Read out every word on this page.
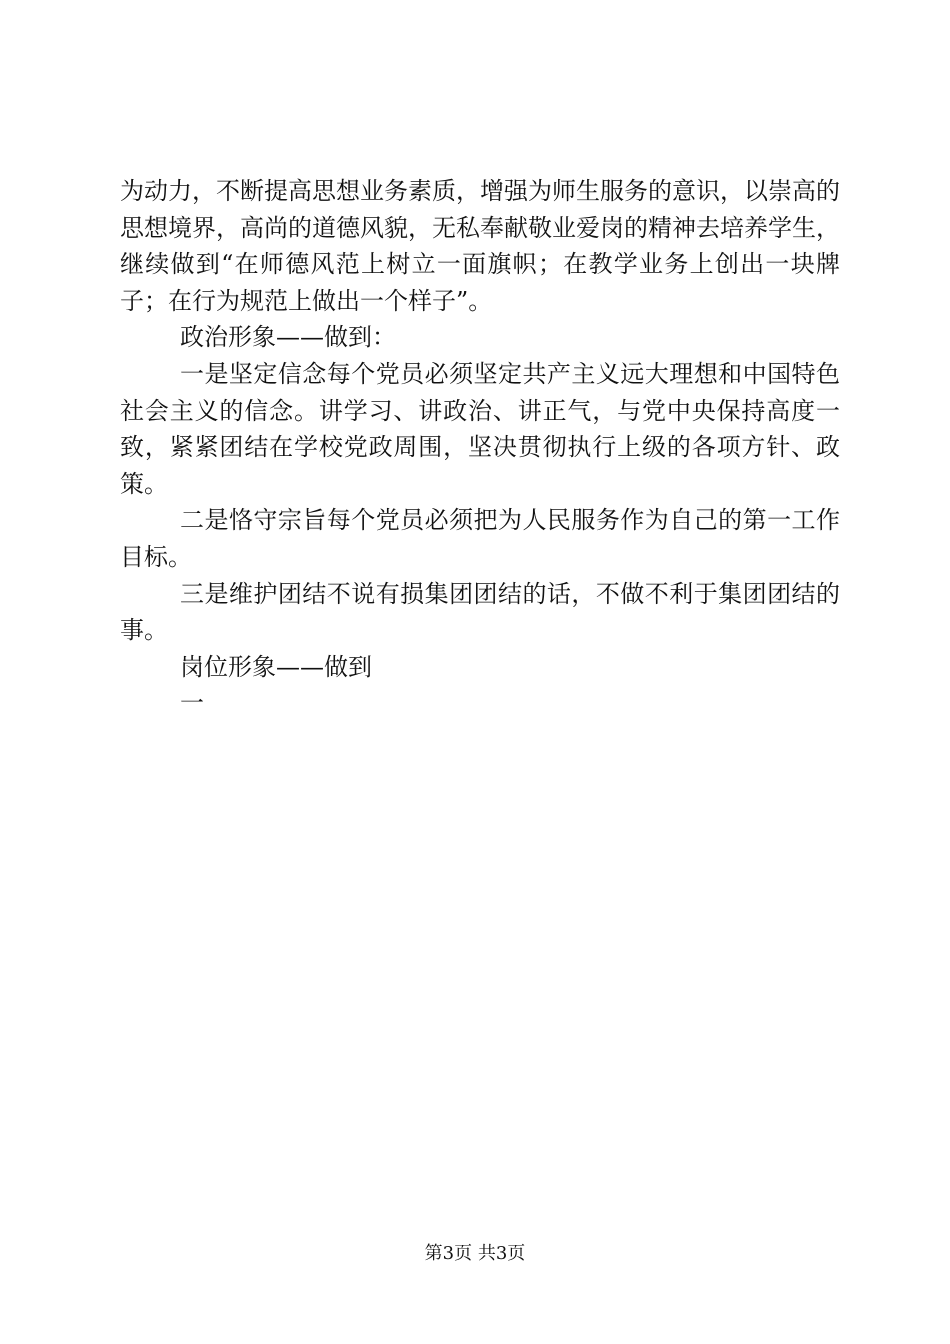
为动力，不断提高思想业务素质，增强为师生服务的意识，以崇高的思想境界，高尚的道德风貌，无私奉献敬业爱岗的精神去培养学生，继续做到“在师德风范上树立一面旗帜；在教学业务上创出一块牌子；在行为规范上做出一个样子”。

政治形象——做到：

一是坚定信念每个党员必须坚定共产主义远大理想和中国特色社会主义的信念。讲学习、讲政治、讲正气，与党中央保持高度一致，紧紧团结在学校党政周围，坚决贯彻执行上级的各项方针、政策。

二是恪守宗旨每个党员必须把为人民服务作为自己的第一工作目标。

三是维护团结不说有损集团团结的话，不做不利于集团团结的事。

岗位形象——做到

一

第3页 共3页
